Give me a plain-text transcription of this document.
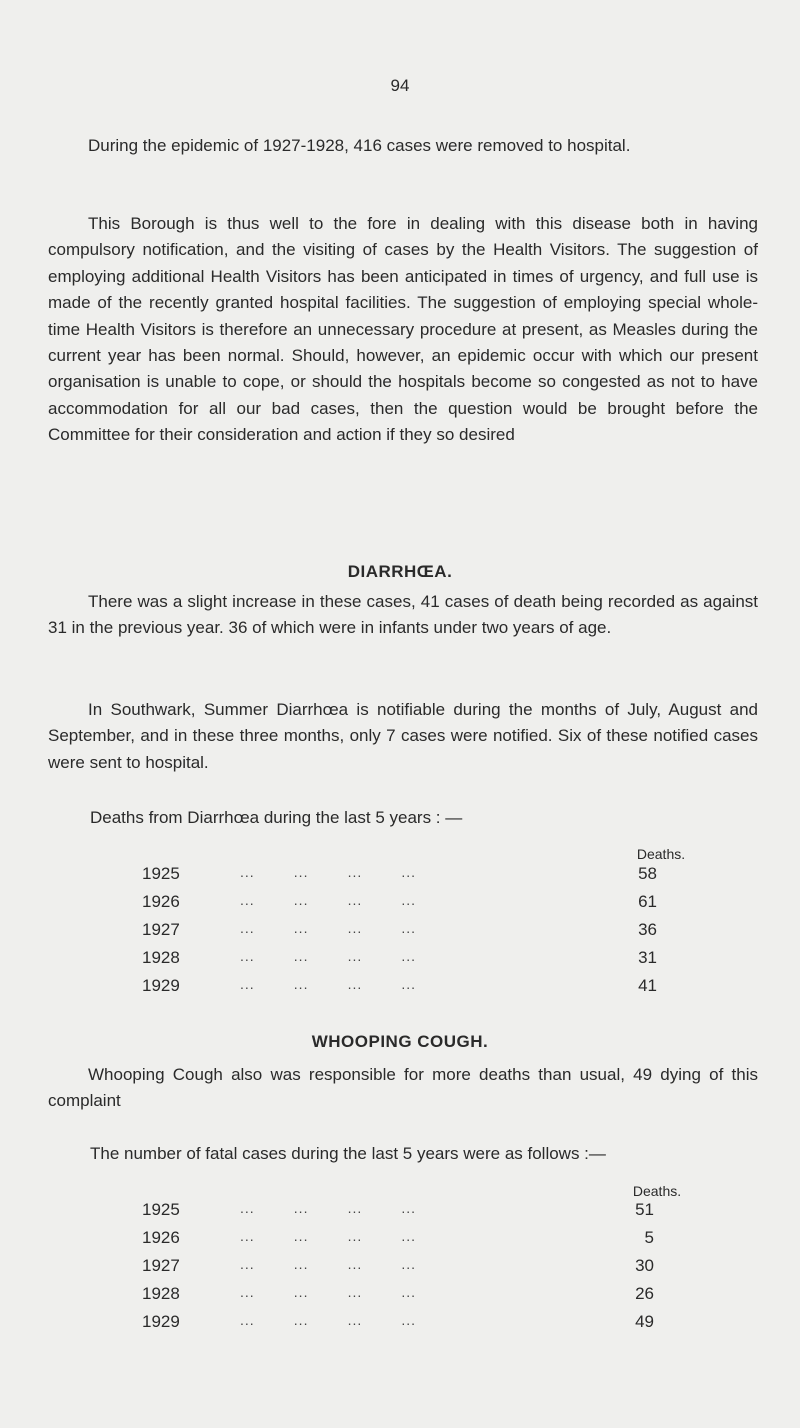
94

During the epidemic of 1927-1928, 416 cases were removed to hospital.

This Borough is thus well to the fore in dealing with this disease both in having compulsory notification, and the visiting of cases by the Health Visitors. The suggestion of employing additional Health Visitors has been anticipated in times of urgency, and full use is made of the recently granted hospital facilities. The suggestion of employing special whole-time Health Visitors is therefore an unnecessary procedure at present, as Measles during the current year has been normal. Should, however, an epidemic occur with which our present organisation is unable to cope, or should the hospitals become so congested as not to have accommodation for all our bad cases, then the question would be brought before the Committee for their consideration and action if they so desired

DIARRHŒA.

There was a slight increase in these cases, 41 cases of death being recorded as against 31 in the previous year. 36 of which were in infants under two years of age.

In Southwark, Summer Diarrhœa is notifiable during the months of July, August and September, and in these three months, only 7 cases were notified. Six of these notified cases were sent to hospital.

Deaths from Diarrhœa during the last 5 years : —

Deaths.
1925	...        ...        ...        ...	58
1926	...        ...        ...        ...	61
1927	...        ...        ...        ...	36
1928	...        ...        ...        ...	31
1929	...        ...        ...        ...	41
WHOOPING COUGH.

Whooping Cough also was responsible for more deaths than usual, 49 dying of this complaint

The number of fatal cases during the last 5 years were as follows :—

Deaths.
1925	...        ...        ...        ...	51
1926	...        ...        ...        ...	5
1927	...        ...        ...        ...	30
1928	...        ...        ...        ...	26
1929	...        ...        ...        ...	49
